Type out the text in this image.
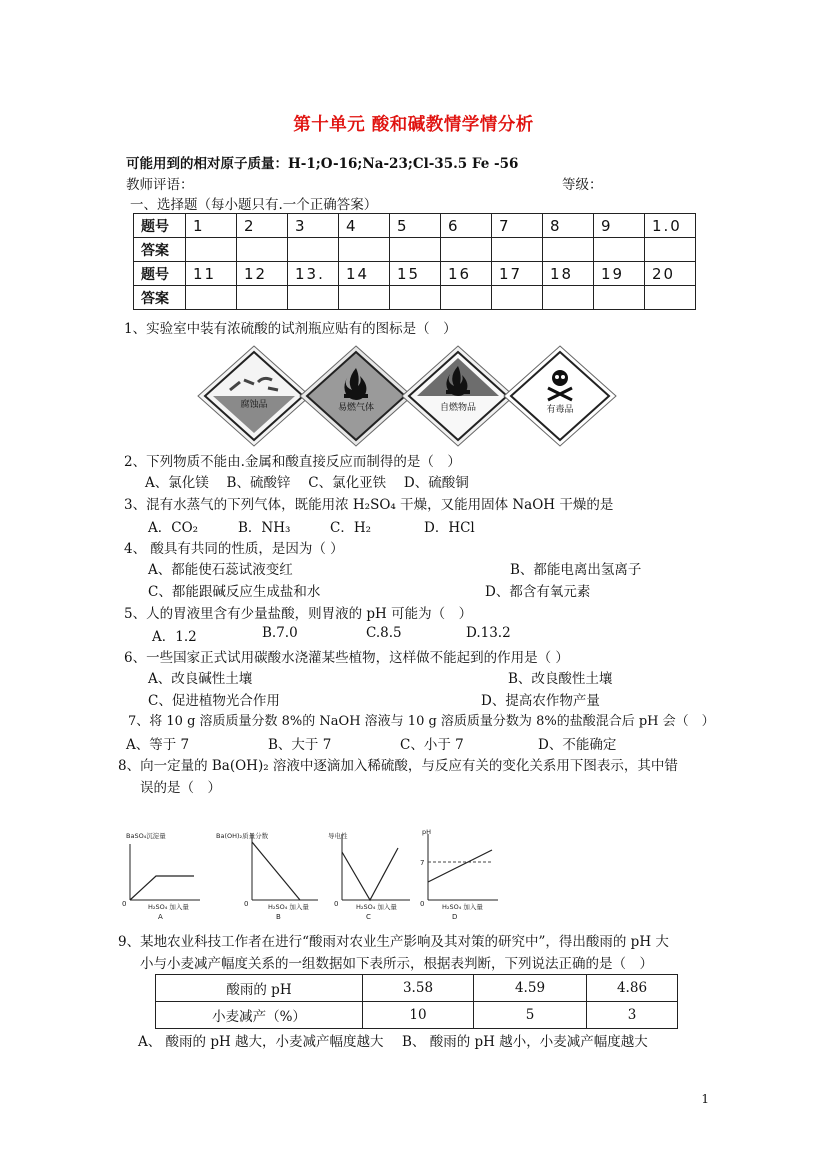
第十单元 酸和碱教情学情分析
可能用到的相对原子质量：H-1;O-16;Na-23;Cl-35.5 Fe -56
教师评语：	等级：
一、选择题（每小题只有.一个正确答案）
题号	1	2	3	4	5	6	7	8	9	1.0
答案										
题号	11	12	13.	14	15	16	17	18	19	20
答案										
1、实验室中装有浓硫酸的试剂瓶应贴有的图标是（　）
腐蚀品	易燃气体	自燃物品	有毒品
2、下列物质不能由.金属和酸直接反应而制得的是（　）
A、氯化镁　 B、硫酸锌　 C、氯化亚铁　 D、硫酸铜
3、混有水蒸气的下列气体，既能用浓 H₂SO₄ 干燥，又能用固体 NaOH 干燥的是
A．CO₂	B．NH₃	C．H₂	D．HCl
4、 酸具有共同的性质，是因为（ ）
A、都能使石蕊试液变红	B、都能电离出氢离子
C、都能跟碱反应生成盐和水	D、都含有氧元素
5、人的胃液里含有少量盐酸，则胃液的 pH 可能为（　）
A．1.2	B.7.0	C.8.5	D.13.2
6、一些国家正式试用碳酸水浇灌某些植物，这样做不能起到的作用是（ ）
A、改良碱性土壤	B、改良酸性土壤
C、促进植物光合作用	D、提高农作物产量
7、将 10 g 溶质质量分数 8%的 NaOH 溶液与 10 g 溶质质量分数为 8%的盐酸混合后 pH 会（　）
A、等于 7	B、大于 7	C、小于 7	D、不能确定
8、向一定量的 Ba(OH)₂ 溶液中逐滴加入稀硫酸，与反应有关的变化关系用下图表示，其中错
误的是（　）
BaSO₄沉淀量
0	H₂SO₄ 加入量
A
Ba(OH)₂质量分数
0	H₂SO₄ 加入量
B
导电性
0	H₂SO₄ 加入量
C
pH
7
0	H₂SO₄ 加入量
D
9、某地农业科技工作者在进行“酸雨对农业生产影响及其对策的研究中”，得出酸雨的 pH 大
小与小麦减产幅度关系的一组数据如下表所示，根据表判断，下列说法正确的是（　）
酸雨的 pH	3.58	4.59	4.86
小麦减产（%）	10	5	3
A、 酸雨的 pH 越大，小麦减产幅度越大 B、 酸雨的 pH 越小，小麦减产幅度越大
1
